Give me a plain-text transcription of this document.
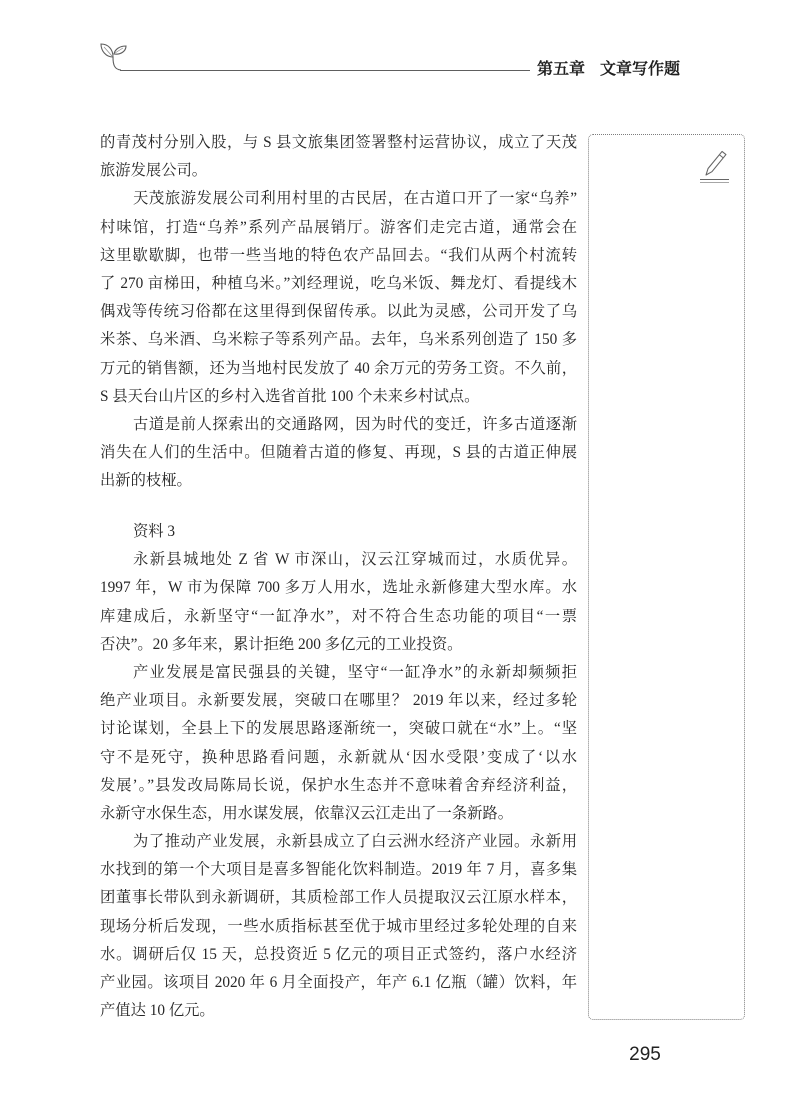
第五章 文章写作题
的青茂村分别入股，与 S 县文旅集团签署整村运营协议，成立了天茂
旅游发展公司。
天茂旅游发展公司利用村里的古民居，在古道口开了一家“乌养”
村味馆，打造“乌养”系列产品展销厅。游客们走完古道，通常会在
这里歇歇脚，也带一些当地的特色农产品回去。“我们从两个村流转
了 270 亩梯田，种植乌米。”刘经理说，吃乌米饭、舞龙灯、看提线木
偶戏等传统习俗都在这里得到保留传承。以此为灵感，公司开发了乌
米茶、乌米酒、乌米粽子等系列产品。去年，乌米系列创造了 150 多
万元的销售额，还为当地村民发放了 40 余万元的劳务工资。不久前，
S 县天台山片区的乡村入选省首批 100 个未来乡村试点。
古道是前人探索出的交通路网，因为时代的变迁，许多古道逐渐
消失在人们的生活中。但随着古道的修复、再现，S 县的古道正伸展
出新的枝桠。
资料 3
永新县城地处 Z 省 W 市深山，汉云江穿城而过，水质优异。
1997 年，W 市为保障 700 多万人用水，选址永新修建大型水库。水
库建成后，永新坚守“一缸净水”，对不符合生态功能的项目“一票
否决”。20 多年来，累计拒绝 200 多亿元的工业投资。
产业发展是富民强县的关键，坚守“一缸净水”的永新却频频拒
绝产业项目。永新要发展，突破口在哪里？ 2019 年以来，经过多轮
讨论谋划，全县上下的发展思路逐渐统一，突破口就在“水”上。“坚
守不是死守，换种思路看问题，永新就从‘因水受限’变成了‘以水
发展’。”县发改局陈局长说，保护水生态并不意味着舍弃经济利益，
永新守水保生态，用水谋发展，依靠汉云江走出了一条新路。
为了推动产业发展，永新县成立了白云洲水经济产业园。永新用
水找到的第一个大项目是喜多智能化饮料制造。2019 年 7 月，喜多集
团董事长带队到永新调研，其质检部工作人员提取汉云江原水样本，
现场分析后发现，一些水质指标甚至优于城市里经过多轮处理的自来
水。调研后仅 15 天，总投资近 5 亿元的项目正式签约，落户水经济
产业园。该项目 2020 年 6 月全面投产，年产 6.1 亿瓶（罐）饮料，年
产值达 10 亿元。
295
